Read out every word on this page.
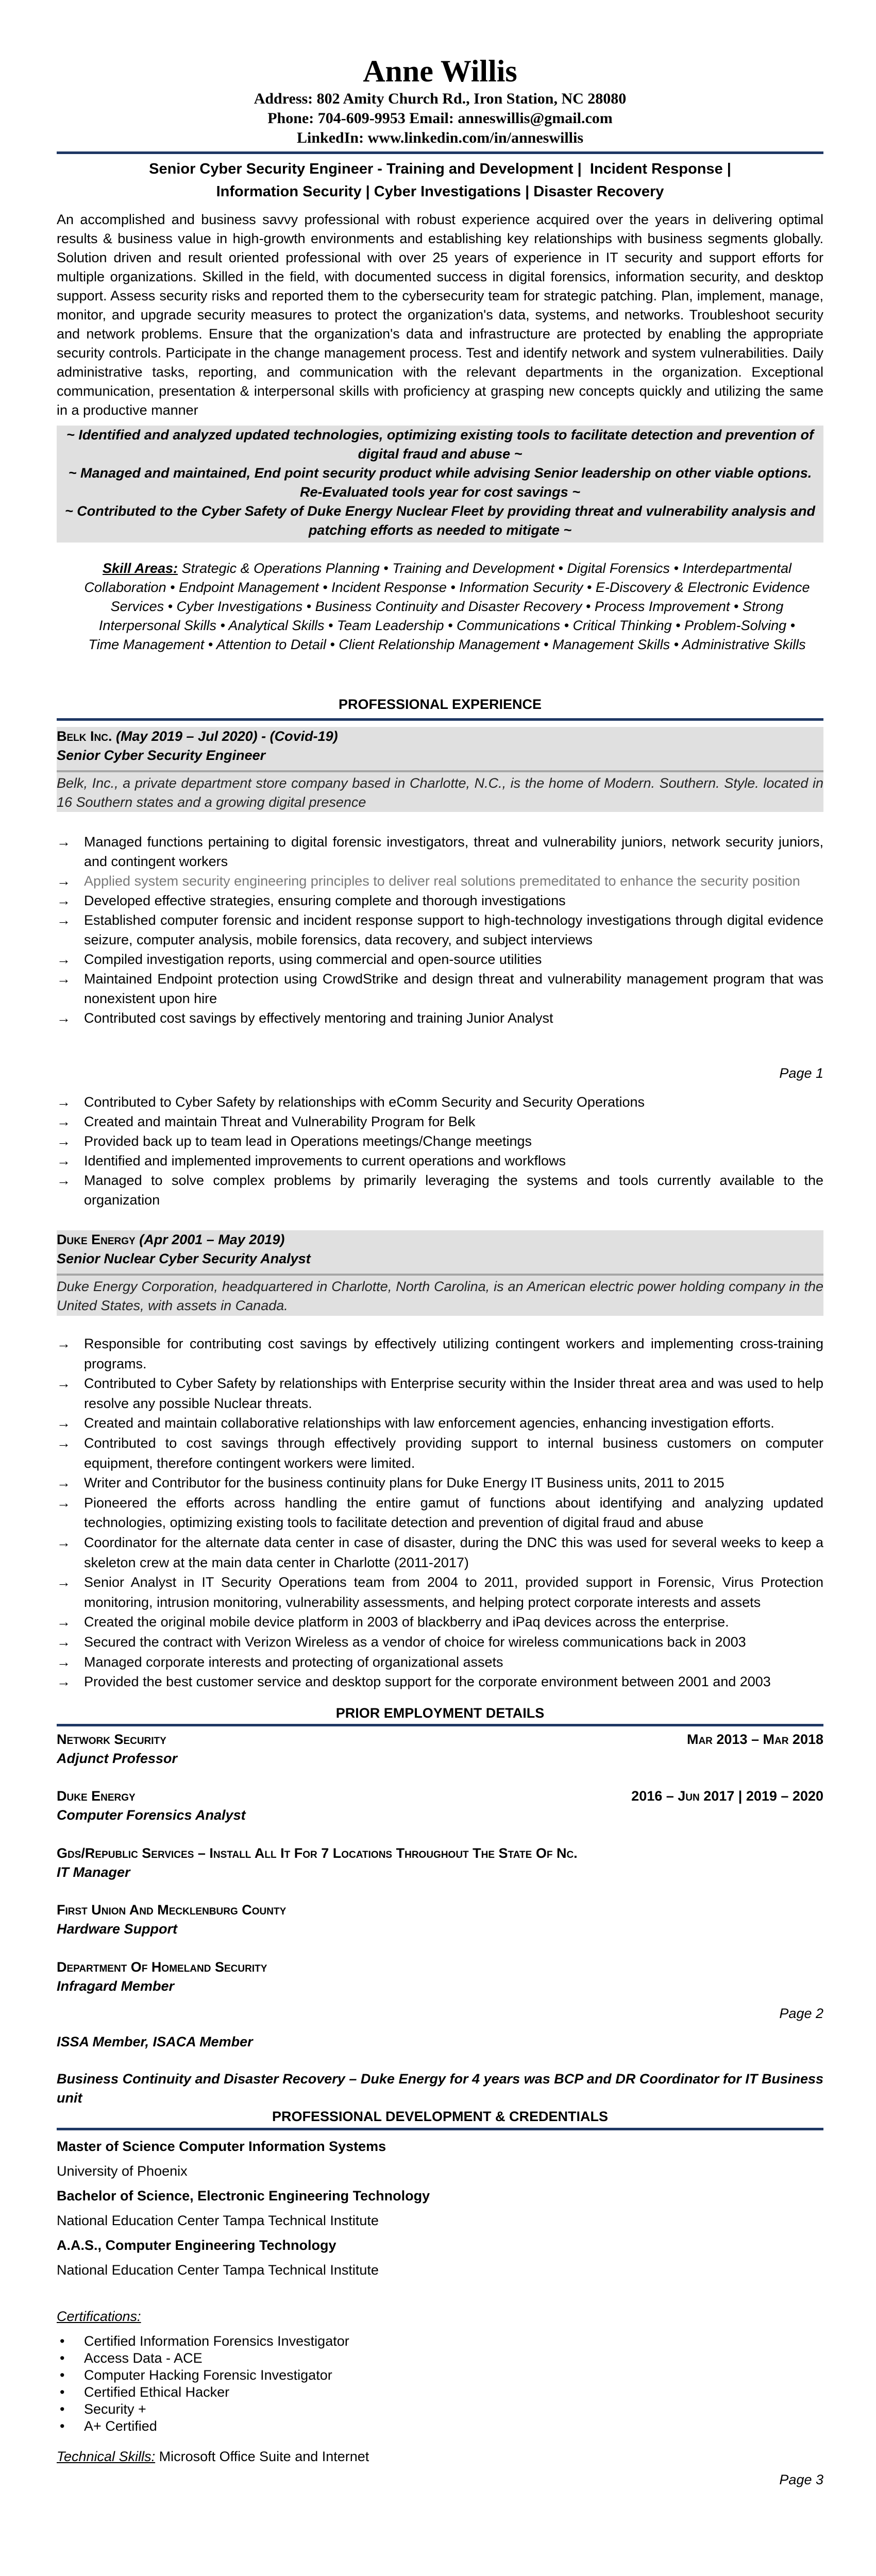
Anne Willis
Address: 802 Amity Church Rd., Iron Station, NC 28080
Phone: 704-609-9953 Email: anneswillis@gmail.com
LinkedIn: www.linkedin.com/in/anneswillis
Senior Cyber Security Engineer - Training and Development |  Incident Response |
Information Security | Cyber Investigations | Disaster Recovery
An accomplished and business savvy professional with robust experience acquired over the years in delivering optimal results & business value in high-growth environments and establishing key relationships with business segments globally. Solution driven and result oriented professional with over 25 years of experience in IT security and support efforts for multiple organizations. Skilled in the field, with documented success in digital forensics, information security, and desktop support. Assess security risks and reported them to the cybersecurity team for strategic patching. Plan, implement, manage, monitor, and upgrade security measures to protect the organization's data, systems, and networks. Troubleshoot security and network problems. Ensure that the organization's data and infrastructure are protected by enabling the appropriate security controls. Participate in the change management process. Test and identify network and system vulnerabilities. Daily administrative tasks, reporting, and communication with the relevant departments in the organization. Exceptional communication, presentation & interpersonal skills with proficiency at grasping new concepts quickly and utilizing the same in a productive manner
~ Identified and analyzed updated technologies, optimizing existing tools to facilitate detection and prevention of digital fraud and abuse ~
~ Managed and maintained, End point security product while advising Senior leadership on other viable options. Re-Evaluated tools year for cost savings ~
~ Contributed to the Cyber Safety of Duke Energy Nuclear Fleet by providing threat and vulnerability analysis and patching efforts as needed to mitigate ~
Skill Areas: Strategic & Operations Planning • Training and Development • Digital Forensics • Interdepartmental Collaboration • Endpoint Management • Incident Response • Information Security • E-Discovery & Electronic Evidence Services • Cyber Investigations • Business Continuity and Disaster Recovery • Process Improvement • Strong Interpersonal Skills • Analytical Skills • Team Leadership • Communications • Critical Thinking • Problem-Solving • Time Management • Attention to Detail • Client Relationship Management • Management Skills • Administrative Skills
PROFESSIONAL EXPERIENCE
Belk Inc. (May 2019 – Jul 2020) - (Covid-19)
Senior Cyber Security Engineer
Belk, Inc., a private department store company based in Charlotte, N.C., is the home of Modern. Southern. Style. located in 16 Southern states and a growing digital presence
→ Managed functions pertaining to digital forensic investigators, threat and vulnerability juniors, network security juniors, and contingent workers
→ Applied system security engineering principles to deliver real solutions premeditated to enhance the security position
→ Developed effective strategies, ensuring complete and thorough investigations
→ Established computer forensic and incident response support to high-technology investigations through digital evidence seizure, computer analysis, mobile forensics, data recovery, and subject interviews
→ Compiled investigation reports, using commercial and open-source utilities
→ Maintained Endpoint protection using CrowdStrike and design threat and vulnerability management program that was nonexistent upon hire
→ Contributed cost savings by effectively mentoring and training Junior Analyst
Page 1
→ Contributed to Cyber Safety by relationships with eComm Security and Security Operations
→ Created and maintain Threat and Vulnerability Program for Belk
→ Provided back up to team lead in Operations meetings/Change meetings
→ Identified and implemented improvements to current operations and workflows
→ Managed to solve complex problems by primarily leveraging the systems and tools currently available to the organization
Duke Energy (Apr 2001 – May 2019)
Senior Nuclear Cyber Security Analyst
Duke Energy Corporation, headquartered in Charlotte, North Carolina, is an American electric power holding company in the United States, with assets in Canada.
→ Responsible for contributing cost savings by effectively utilizing contingent workers and implementing cross-training programs.
→ Contributed to Cyber Safety by relationships with Enterprise security within the Insider threat area and was used to help resolve any possible Nuclear threats.
→ Created and maintain collaborative relationships with law enforcement agencies, enhancing investigation efforts.
→ Contributed to cost savings through effectively providing support to internal business customers on computer equipment, therefore contingent workers were limited.
→ Writer and Contributor for the business continuity plans for Duke Energy IT Business units, 2011 to 2015
→ Pioneered the efforts across handling the entire gamut of functions about identifying and analyzing updated technologies, optimizing existing tools to facilitate detection and prevention of digital fraud and abuse
→ Coordinator for the alternate data center in case of disaster, during the DNC this was used for several weeks to keep a skeleton crew at the main data center in Charlotte (2011-2017)
→ Senior Analyst in IT Security Operations team from 2004 to 2011, provided support in Forensic, Virus Protection monitoring, intrusion monitoring, vulnerability assessments, and helping protect corporate interests and assets
→ Created the original mobile device platform in 2003 of blackberry and iPaq devices across the enterprise.
→ Secured the contract with Verizon Wireless as a vendor of choice for wireless communications back in 2003
→ Managed corporate interests and protecting of organizational assets
→ Provided the best customer service and desktop support for the corporate environment between 2001 and 2003
PRIOR EMPLOYMENT DETAILS
Network Security	Mar 2013 – Mar 2018
Adjunct Professor
Duke Energy	2016 – Jun 2017 | 2019 – 2020
Computer Forensics Analyst
Gds/Republic Services – Install All It For 7 Locations Throughout The State Of Nc.
IT Manager
First Union And Mecklenburg County
Hardware Support
Department Of Homeland Security
Infragard Member
Page 2
ISSA Member, ISACA Member
Business Continuity and Disaster Recovery – Duke Energy for 4 years was BCP and DR Coordinator for IT Business unit
PROFESSIONAL DEVELOPMENT & CREDENTIALS
Master of Science Computer Information Systems
University of Phoenix
Bachelor of Science, Electronic Engineering Technology
National Education Center Tampa Technical Institute
A.A.S., Computer Engineering Technology
National Education Center Tampa Technical Institute
Certifications:
• Certified Information Forensics Investigator
• Access Data - ACE
• Computer Hacking Forensic Investigator
• Certified Ethical Hacker
• Security +
• A+ Certified
Technical Skills: Microsoft Office Suite and Internet
Page 3
